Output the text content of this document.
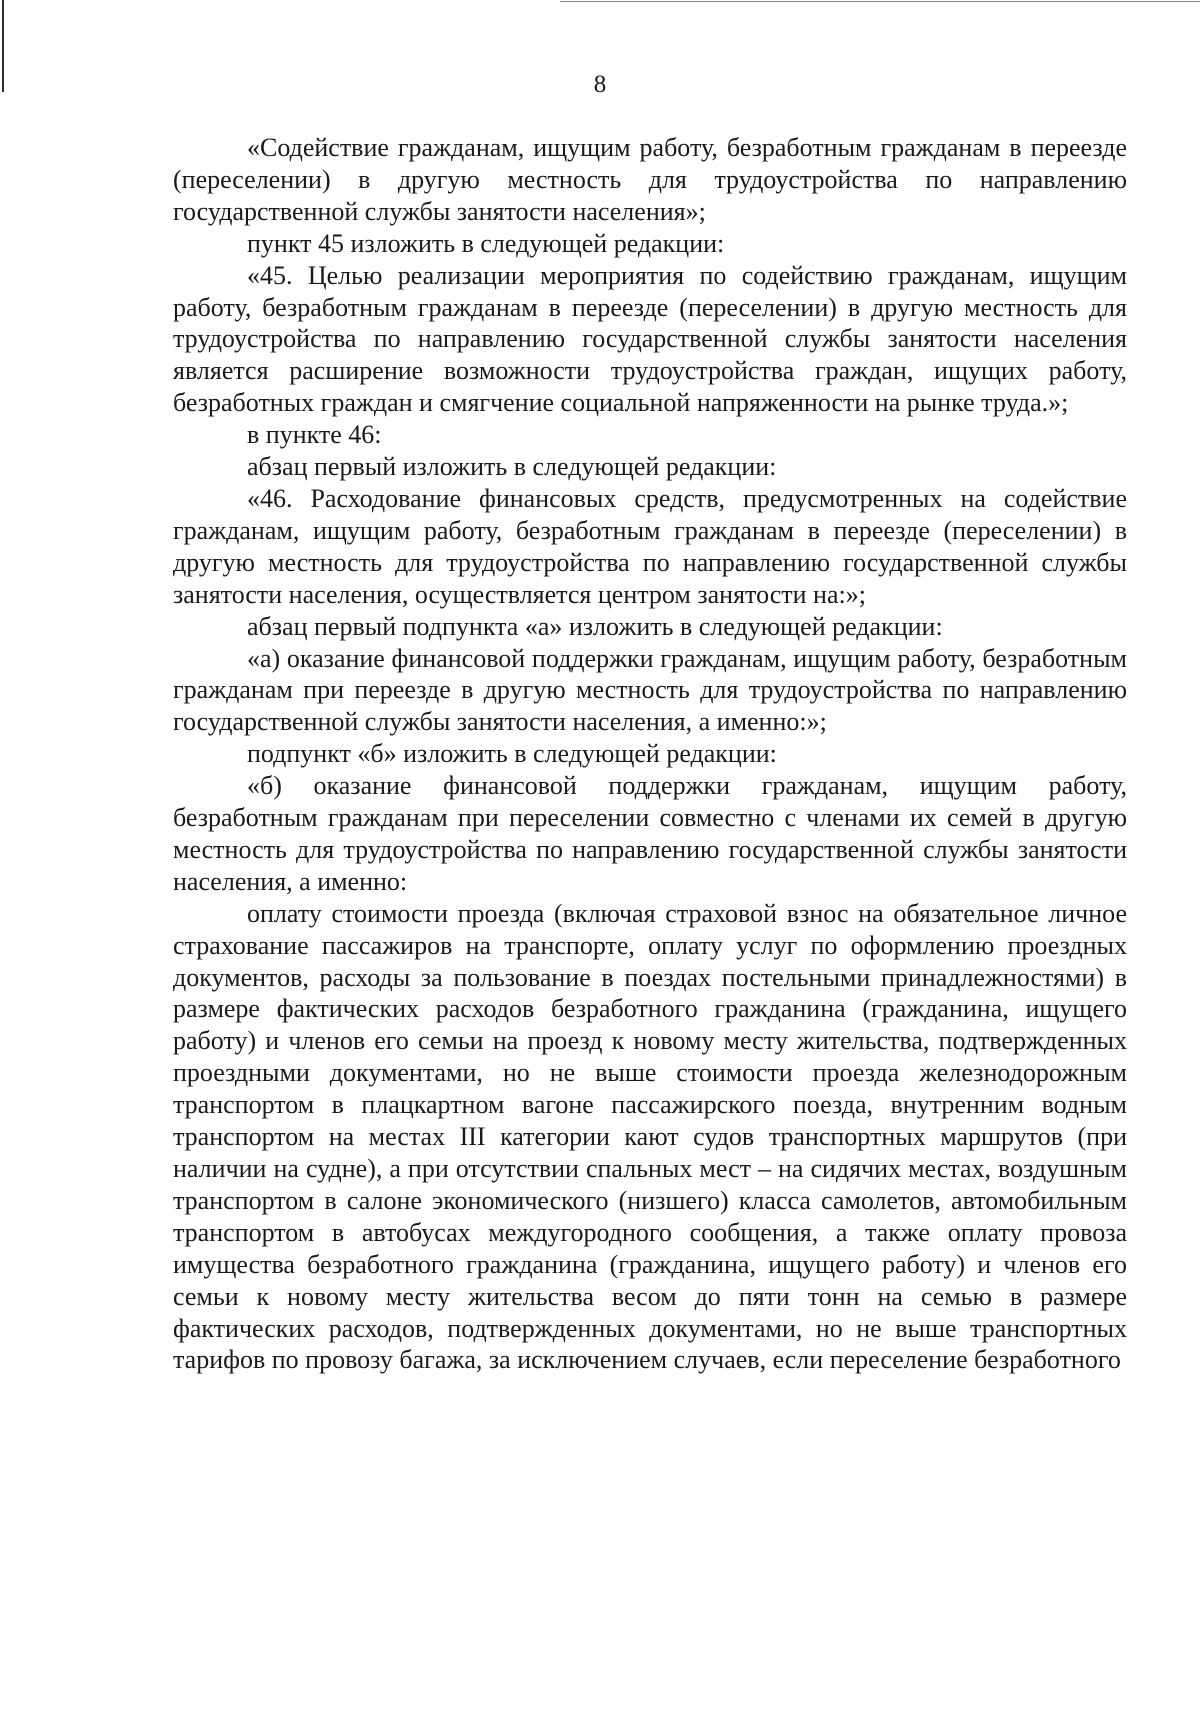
8

«Содействие гражданам, ищущим работу, безработным гражданам в переезде (переселении) в другую местность для трудоустройства по направлению государственной службы занятости населения»;

пункт 45 изложить в следующей редакции:

«45. Целью реализации мероприятия по содействию гражданам, ищущим работу, безработным гражданам в переезде (переселении) в другую местность для трудоустройства по направлению государственной службы занятости населения является расширение возможности трудоустройства граждан, ищущих работу, безработных граждан и смягчение социальной напряженности на рынке труда.»;

в пункте 46:

абзац первый изложить в следующей редакции:

«46. Расходование финансовых средств, предусмотренных на содействие гражданам, ищущим работу, безработным гражданам в переезде (переселении) в другую местность для трудоустройства по направлению государственной службы занятости населения, осуществляется центром занятости на:»;

абзац первый подпункта «а» изложить в следующей редакции:

«а) оказание финансовой поддержки гражданам, ищущим работу, безработным гражданам при переезде в другую местность для трудоустройства по направлению государственной службы занятости населения, а именно:»;

подпункт «б» изложить в следующей редакции:

«б) оказание финансовой поддержки гражданам, ищущим работу, безработным гражданам при переселении совместно с членами их семей в другую местность для трудоустройства по направлению государственной службы занятости населения, а именно:

оплату стоимости проезда (включая страховой взнос на обязательное личное страхование пассажиров на транспорте, оплату услуг по оформлению проездных документов, расходы за пользование в поездах постельными принадлежностями) в размере фактических расходов безработного гражданина (гражданина, ищущего работу) и членов его семьи на проезд к новому месту жительства, подтвержденных проездными документами, но не выше стоимости проезда железнодорожным транспортом в плацкартном вагоне пассажирского поезда, внутренним водным транспортом на местах III категории кают судов транспортных маршрутов (при наличии на судне), а при отсутствии спальных мест – на сидячих местах, воздушным транспортом в салоне экономического (низшего) класса самолетов, автомобильным транспортом в автобусах междугородного сообщения, а также оплату провоза имущества безработного гражданина (гражданина, ищущего работу) и членов его семьи к новому месту жительства весом до пяти тонн на семью в размере фактических расходов, подтвержденных документами, но не выше транспортных тарифов по провозу багажа, за исключением случаев, если переселение безработного
